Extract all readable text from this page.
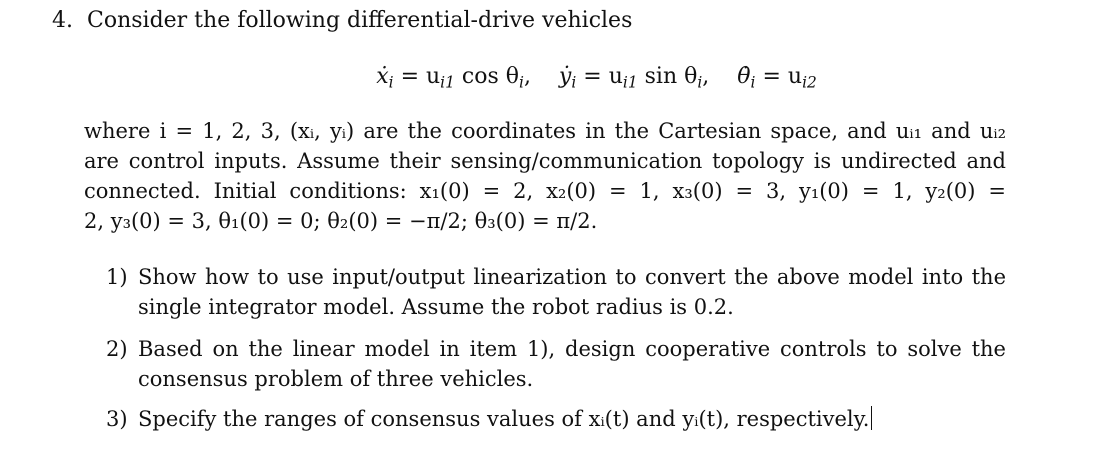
4. Consider the following differential-drive vehicles
ẋ$_i$ = $u_{i1}$ $\cos \theta_i$, ẏ$_i$ = $u_{i1}$ $\sin \theta_i$, $\thetȧ_i = u_{i2}$
where i = 1, 2, 3, (xᵢ, yᵢ) are the coordinates in the Cartesian space, and uᵢ₁ and uᵢ₂
are control inputs. Assume their sensing/communication topology is undirected and
connected. Initial conditions: x₁(0) = 2, x₂(0) = 1, x₃(0) = 3, y₁(0) = 1, y₂(0) =
2, y₃(0) = 3, θ₁(0) = 0; θ₂(0) = −π/2; θ₃(0) = π/2.
1) Show how to use input/output linearization to convert the above model into the
single integrator model. Assume the robot radius is 0.2.
2) Based on the linear model in item 1), design cooperative controls to solve the
consensus problem of three vehicles.
3) Specify the ranges of consensus values of xᵢ(t) and yᵢ(t), respectively.
